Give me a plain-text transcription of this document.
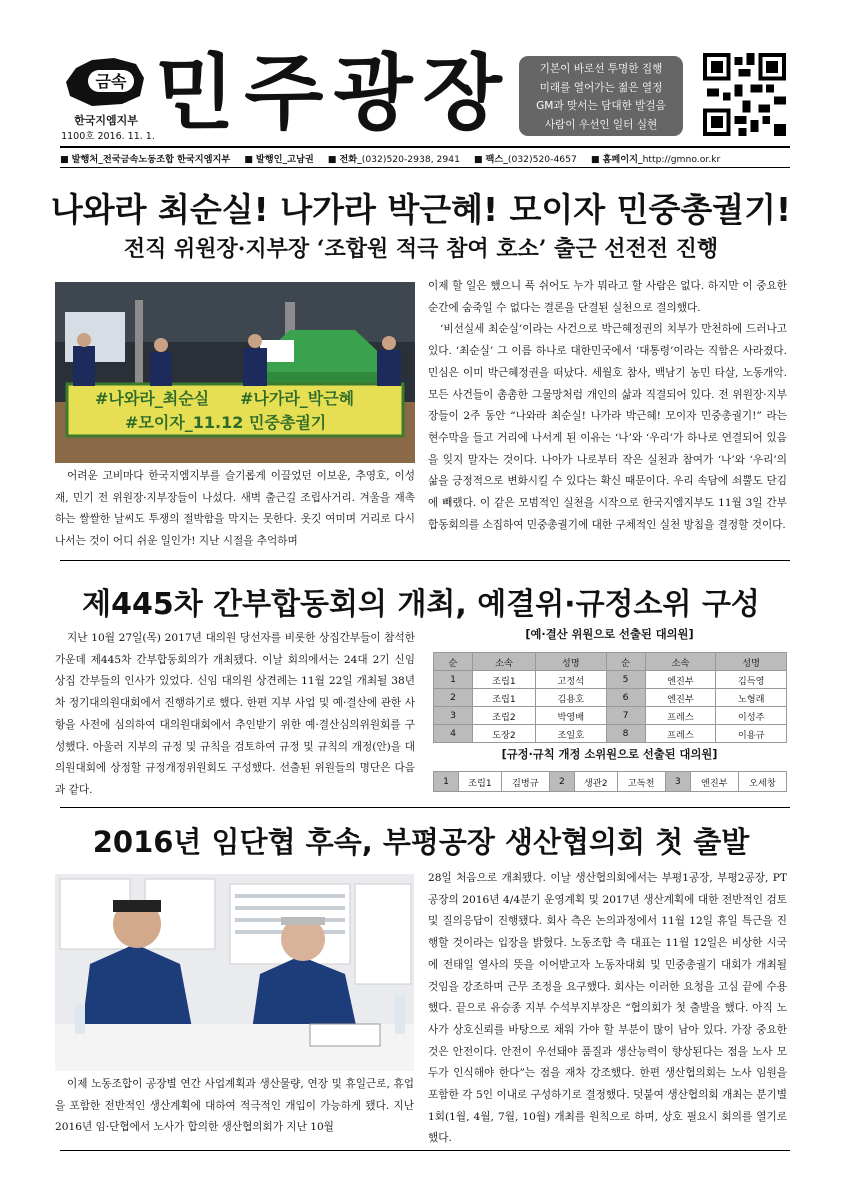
금속
한국지엠지부
1100호 2016. 11. 1. 민주광장	기본이 바로선 투명한 집행
미래를 열어가는 젊은 열정
GM과 맞서는 담대한 발걸음
사람이 우선인 일터 실현
■ 발행처_전국금속노동조합 한국지엠지부 ■ 발행인_고남권 ■ 전화_(032)520-2938, 2941 ■ 팩스_(032)520-4657 ■ 홈페이지_http://gmno.or.kr
나와라 최순실! 나가라 박근혜! 모이자 민중총궐기!
전직 위원장·지부장 ‘조합원 적극 참여 호소’ 출근 선전전 진행
#나와라_최순실 #나가라_박근혜
#모이자_11.12 민중총궐기

어려운 고비마다 한국지엠지부를 슬기롭게 이끌었던 이보운, 추영호, 이성재, 민기 전 위원장·지부장들이 나섰다. 새벽 출근길 조립사거리. 겨울을 재촉하는 쌀쌀한 날씨도 투쟁의 절박함을 막지는 못한다. 옷깃 여미며 거리로 다시 나서는 것이 어디 쉬운 일인가! 지난 시절을 추억하며

이제 할 일은 했으니 푹 쉬어도 누가 뭐라고 할 사람은 없다. 하지만 이 중요한 순간에 숨죽일 수 없다는 결론을 단결된 실천으로 결의했다.

‘비선실세 최순실’이라는 사건으로 박근혜정권의 치부가 만천하에 드러나고 있다. ‘최순실’ 그 이름 하나로 대한민국에서 ‘대통령’이라는 직함은 사라졌다. 민심은 이미 박근혜정권을 떠났다. 세월호 참사, 백남기 농민 타살, 노동개악. 모든 사건들이 촘촘한 그물망처럼 개인의 삶과 직결되어 있다. 전 위원장·지부장들이 2주 동안 “나와라 최순실! 나가라 박근혜! 모이자 민중총궐기!” 라는 현수막을 들고 거리에 나서게 된 이유는 ‘나’와 ‘우리’가 하나로 연결되어 있음을 잊지 말자는 것이다. 나아가 나로부터 작은 실천과 참여가 ‘나’와 ‘우리’의 삶을 긍정적으로 변화시킬 수 있다는 확신 때문이다. 우리 속담에 쇠뿔도 단김에 빼랬다. 이 같은 모범적인 실천을 시작으로 한국지엠지부도 11월 3일 간부합동회의를 소집하여 민중총궐기에 대한 구체적인 실천 방침을 결정할 것이다.

제445차 간부합동회의 개최, 예결위·규정소위 구성

지난 10월 27일(목) 2017년 대의원 당선자를 비롯한 상집간부들이 참석한 가운데 제445차 간부합동회의가 개최됐다. 이날 회의에서는 24대 2기 신임 상집 간부들의 인사가 있었다. 신임 대의원 상견례는 11월 22일 개최될 38년차 정기대의원대회에서 진행하기로 했다. 한편 지부 사업 및 예·결산에 관한 사항을 사전에 심의하여 대의원대회에서 추인받기 위한 예·결산심의위원회를 구성했다. 아울러 지부의 규정 및 규칙을 검토하여 규정 및 규칙의 개정(안)을 대의원대회에 상정할 규정개정위원회도 구성했다. 선출된 위원들의 명단은 다음과 같다.

[예·결산 위원으로 선출된 대의원]
순	소속	성명	순	소속	성명
1	조립1	고정석	5	엔진부	김득영
2	조립1	김용호	6	엔진부	노형래
3	조립2	박영배	7	프레스	이성주
4	도장2	조일호	8	프레스	이용규
[규정·규칙 개정 소위원으로 선출된 대의원]
1	조립1	김병규	2	생관2	고독천	3	엔진부	오세창
2016년 임단협 후속, 부평공장 생산협의회 첫 출발

이제 노동조합이 공장별 연간 사업계획과 생산물량, 연장 및 휴일근로, 휴업을 포함한 전반적인 생산계획에 대하여 적극적인 개입이 가능하게 됐다. 지난 2016년 임·단협에서 노사가 합의한 생산협의회가 지난 10월

28일 처음으로 개최됐다. 이날 생산협의회에서는 부평1공장, 부평2공장, PT공장의 2016년 4/4분기 운영계획 및 2017년 생산계획에 대한 전반적인 검토 및 질의응답이 진행됐다. 회사 측은 논의과정에서 11월 12일 휴일 특근을 진행할 것이라는 입장을 밝혔다. 노동조합 측 대표는 11월 12일은 비상한 시국에 전태일 열사의 뜻을 이어받고자 노동자대회 및 민중총궐기 대회가 개최될 것임을 강조하며 근무 조정을 요구했다. 회사는 이러한 요청을 고심 끝에 수용했다. 끝으로 유승종 지부 수석부지부장은 “협의회가 첫 출발을 했다. 아직 노사가 상호신뢰를 바탕으로 채워 가야 할 부분이 많이 남아 있다. 가장 중요한 것은 안전이다. 안전이 우선돼야 품질과 생산능력이 향상된다는 점을 노사 모두가 인식해야 한다”는 점을 재차 강조했다. 한편 생산협의회는 노사 임원을 포함한 각 5인 이내로 구성하기로 결정했다. 덧붙여 생산협의회 개최는 분기별 1회(1월, 4월, 7월, 10월) 개최를 원칙으로 하며, 상호 필요시 회의를 열기로 했다.
